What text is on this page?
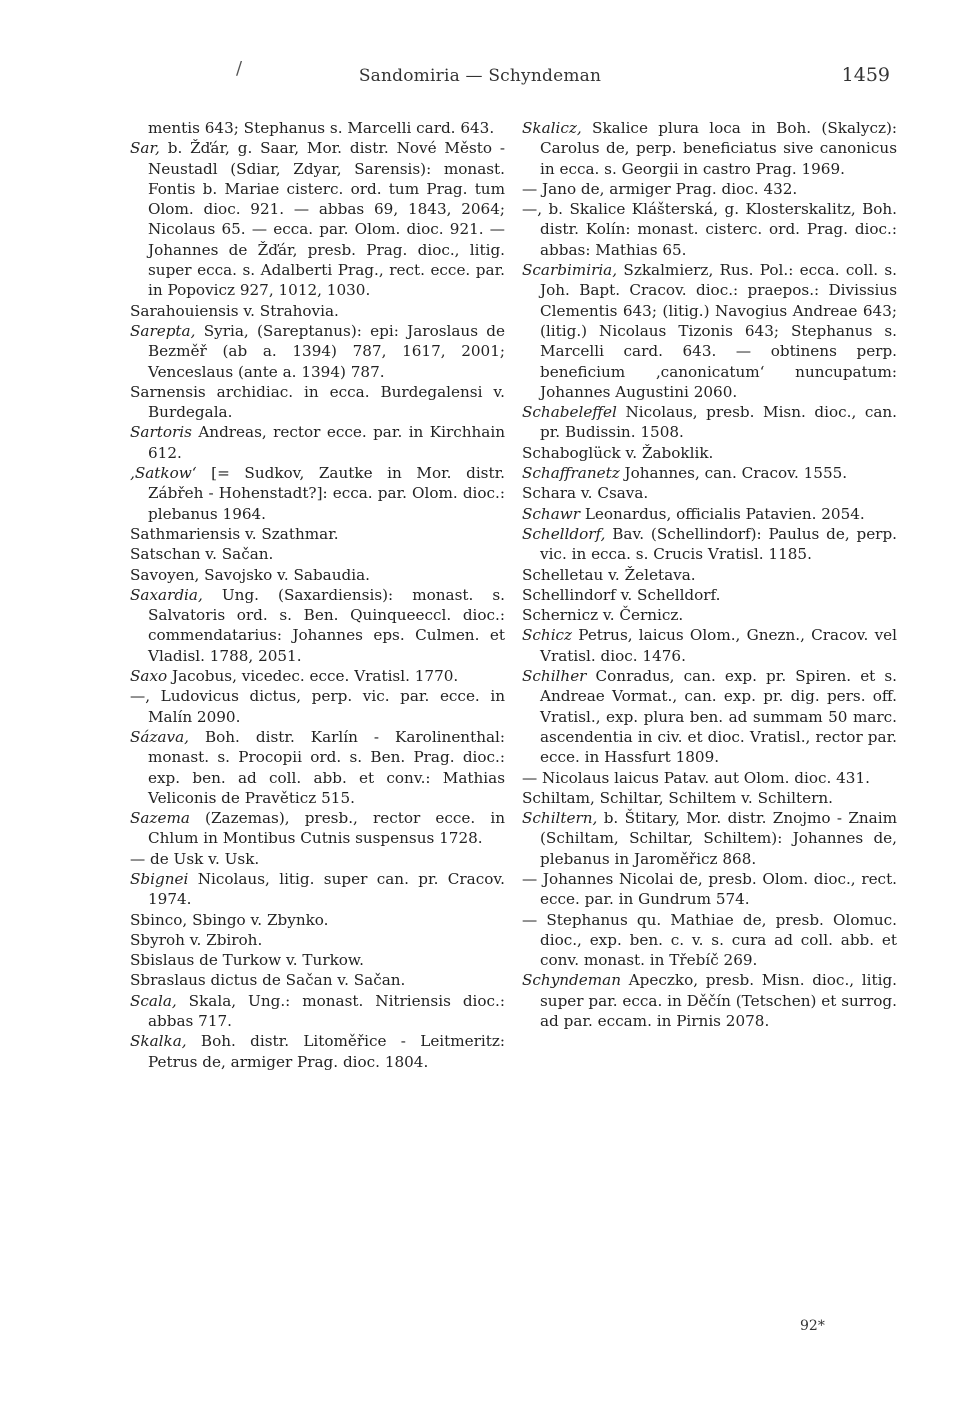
/	Sandomiria — Schyndeman	1459
mentis 643; Stephanus s. Marcelli card. 643.
Sar, b. Žďár, g. Saar, Mor. distr. Nové Město - Neustadl (Sdiar, Zdyar, Sarensis): monast. Fontis b. Mariae cisterc. ord. tum Prag. tum Olom. dioc. 921. — abbas 69, 1843, 2064; Nicolaus 65. — ecca. par. Olom. dioc. 921. — Johannes de Žďár, presb. Prag. dioc., litig. super ecca. s. Adalberti Prag., rect. ecce. par. in Popovicz 927, 1012, 1030.
Sarahouiensis v. Strahovia.
Sarepta, Syria, (Sareptanus): epi: Jaroslaus de Bezměř (ab a. 1394) 787, 1617, 2001; Venceslaus (ante a. 1394) 787.
Sarnensis archidiac. in ecca. Burdegalensi v. Burdegala.
Sartoris Andreas, rector ecce. par. in Kirchhain 612.
‚Satkow‘ [= Sudkov, Zautke in Mor. distr. Zábřeh - Hohenstadt?]: ecca. par. Olom. dioc.: plebanus 1964.
Sathmariensis v. Szathmar.
Satschan v. Sačan.
Savoyen, Savojsko v. Sabaudia.
Saxardia, Ung. (Saxardiensis): monast. s. Salvatoris ord. s. Ben. Quinqueeccl. dioc.: commendatarius: Johannes eps. Culmen. et Vladisl. 1788, 2051.
Saxo Jacobus, vicedec. ecce. Vratisl. 1770.
—, Ludovicus dictus, perp. vic. par. ecce. in Malín 2090.
Sázava, Boh. distr. Karlín - Karolinenthal: monast. s. Procopii ord. s. Ben. Prag. dioc.: exp. ben. ad coll. abb. et conv.: Mathias Veliconis de Pravěticz 515.
Sazema (Zazemas), presb., rector ecce. in Chlum in Montibus Cutnis suspensus 1728.
— de Usk v. Usk.
Sbignei Nicolaus, litig. super can. pr. Cracov. 1974.
Sbinco, Sbingo v. Zbynko.
Sbyroh v. Zbiroh.
Sbislaus de Turkow v. Turkow.
Sbraslaus dictus de Sačan v. Sačan.
Scala, Skala, Ung.: monast. Nitriensis dioc.: abbas 717.
Skalka, Boh. distr. Litoměřice - Leitmeritz: Petrus de, armiger Prag. dioc. 1804.
Skalicz, Skalice plura loca in Boh. (Skalycz): Carolus de, perp. beneficiatus sive canonicus in ecca. s. Georgii in castro Prag. 1969.
— Jano de, armiger Prag. dioc. 432.
—, b. Skalice Klášterská, g. Klosterskalitz, Boh. distr. Kolín: monast. cisterc. ord. Prag. dioc.: abbas: Mathias 65.
Scarbimiria, Szkalmierz, Rus. Pol.: ecca. coll. s. Joh. Bapt. Cracov. dioc.: praepos.: Divissius Clementis 643; (litig.) Navogius Andreae 643; (litig.) Nicolaus Tizonis 643; Stephanus s. Marcelli card. 643. — obtinens perp. beneficium ‚canonicatum‘ nuncupatum: Johannes Augustini 2060.
Schabeleffel Nicolaus, presb. Misn. dioc., can. pr. Budissin. 1508.
Schaboglück v. Žaboklik.
Schaffranetz Johannes, can. Cracov. 1555.
Schara v. Csava.
Schawr Leonardus, officialis Patavien. 2054.
Schelldorf, Bav. (Schellindorf): Paulus de, perp. vic. in ecca. s. Crucis Vratisl. 1185.
Schelletau v. Želetava.
Schellindorf v. Schelldorf.
Schernicz v. Černicz.
Schicz Petrus, laicus Olom., Gnezn., Cracov. vel Vratisl. dioc. 1476.
Schilher Conradus, can. exp. pr. Spiren. et s. Andreae Vormat., can. exp. pr. dig. pers. off. Vratisl., exp. plura ben. ad summam 50 marc. ascendentia in civ. et dioc. Vratisl., rector par. ecce. in Hassfurt 1809.
— Nicolaus laicus Patav. aut Olom. dioc. 431.
Schiltam, Schiltar, Schiltem v. Schiltern.
Schiltern, b. Štitary, Mor. distr. Znojmo - Znaim (Schiltam, Schiltar, Schiltem): Johannes de, plebanus in Jaroměřicz 868.
— Johannes Nicolai de, presb. Olom. dioc., rect. ecce. par. in Gundrum 574.
— Stephanus qu. Mathiae de, presb. Olomuc. dioc., exp. ben. c. v. s. cura ad coll. abb. et conv. monast. in Třebíč 269.
Schyndeman Apeczko, presb. Misn. dioc., litig. super par. ecca. in Děčín (Tetschen) et surrog. ad par. eccam. in Pirnis 2078.
92*
